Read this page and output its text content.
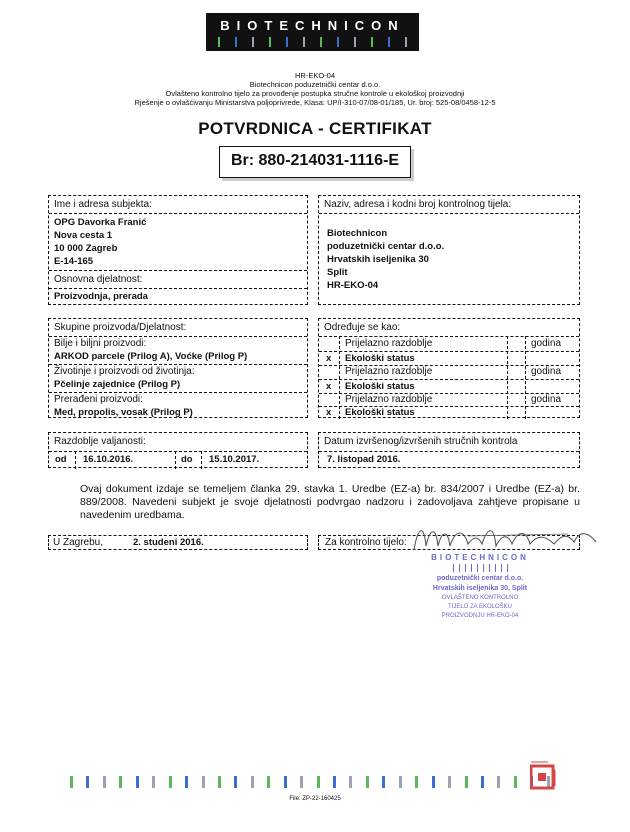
BIOTECHNICON
HR-EKO-04
Biotechnicon poduzetnički centar d.o.o.
Ovlašteno kontrolno tijelo za provođenje postupka stručne kontrole u ekološkoj proizvodnji
Rješenje o ovlašćivanju Ministarstva poljoprivrede, Klasa: UP/I-310-07/08-01/185, Ur. broj: 525-08/0458-12-5
POTVRDNICA - CERTIFIKAT
Br: 880-214031-1116-E
Ime i adresa subjekta:
OPG Davorka Franić
Nova cesta 1
10 000 Zagreb
E-14-165
Osnovna djelatnost:
Proizvodnja, prerada
Naziv, adresa i kodni broj kontrolnog tijela:
Biotechnicon
poduzetnički centar d.o.o.
Hrvatskih iseljenika 30
Split
HR-EKO-04
Skupine proizvoda/Djelatnost:
Bilje i biljni proizvodi:
ARKOD parcele (Prilog A), Voćke (Prilog P)
Životinje i proizvodi od životinja:
Pčelinje zajednice (Prilog P)
Prerađeni proizvodi:
Med, propolis, vosak (Prilog P)
Određuje se kao:
Prijelazno razdoblje	godina
x Ekološki status
Prijelazno razdoblje	godina
x Ekološki status
Prijelazno razdoblje	godina
x Ekološki status
Razdoblje valjanosti:
od 16.10.2016.	do 15.10.2017.
Datum izvršenog/izvršenih stručnih kontrola
7. listopad 2016.
Ovaj dokument izdaje se temeljem članka 29. stavka 1. Uredbe (EZ-a) br. 834/2007 i Uredbe (EZ-a) br. 889/2008. Navedeni subjekt je svoje djelatnosti podvrgao nadzoru i zadovoljava zahtjeve propisane u navedenim uredbama.
U Zagrebu,	2. studeni 2016.	Za kontrolno tijelo:
BIOTECHNICON
poduzetnički centar d.o.o.
Hrvatskih iseljenika 30, Split
OVLAŠTENO KONTROLNO
TIJELO ZA EKOLOŠKU
PROIZVODNJU HR-EKO-04
File: ZP-22-160425
